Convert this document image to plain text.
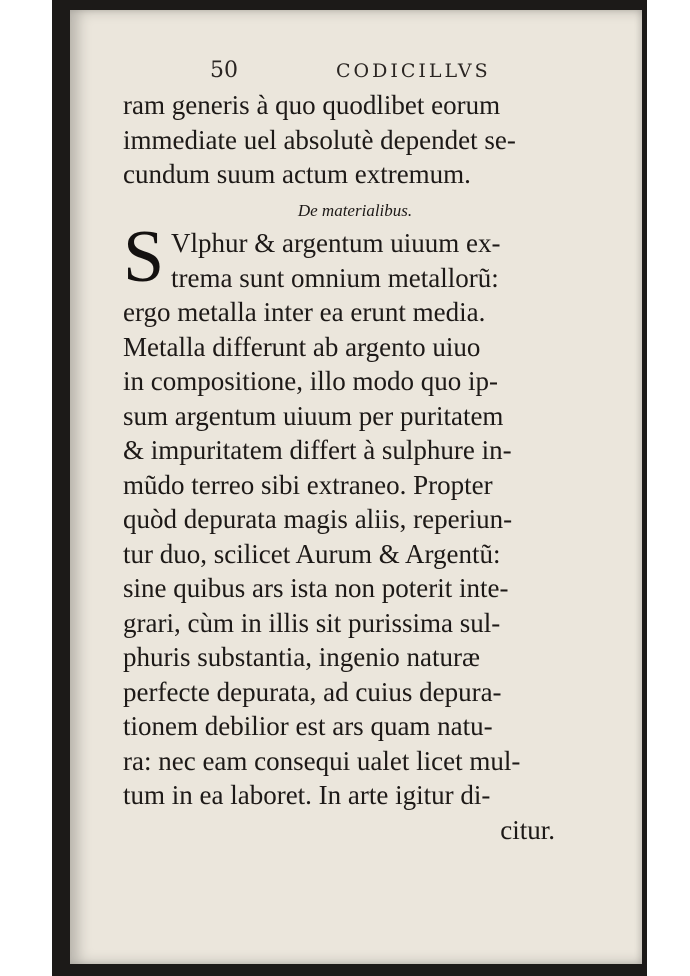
50	CODICILLVS
ram generis à quo quodlibet eorum
immediate uel absolutè dependet se-
cundum suum actum extremum.
De materialibus.
S Vlphur & argentum uiuum ex-
trema sunt omnium metallorũ:
ergo metalla inter ea erunt media.
Metalla differunt ab argento uiuo
in compositione, illo modo quo ip-
sum argentum uiuum per puritatem
& impuritatem differt à sulphure in-
mũdo terreo sibi extraneo. Propter
quòd depurata magis aliis, reperiun-
tur duo, scilicet Aurum & Argentũ:
sine quibus ars ista non poterit inte-
grari, cùm in illis sit purissima sul-
phuris substantia, ingenio naturæ
perfecte depurata, ad cuius depura-
tionem debilior est ars quam natu-
ra: nec eam consequi ualet licet mul-
tum in ea laboret. In arte igitur di-
citur.
